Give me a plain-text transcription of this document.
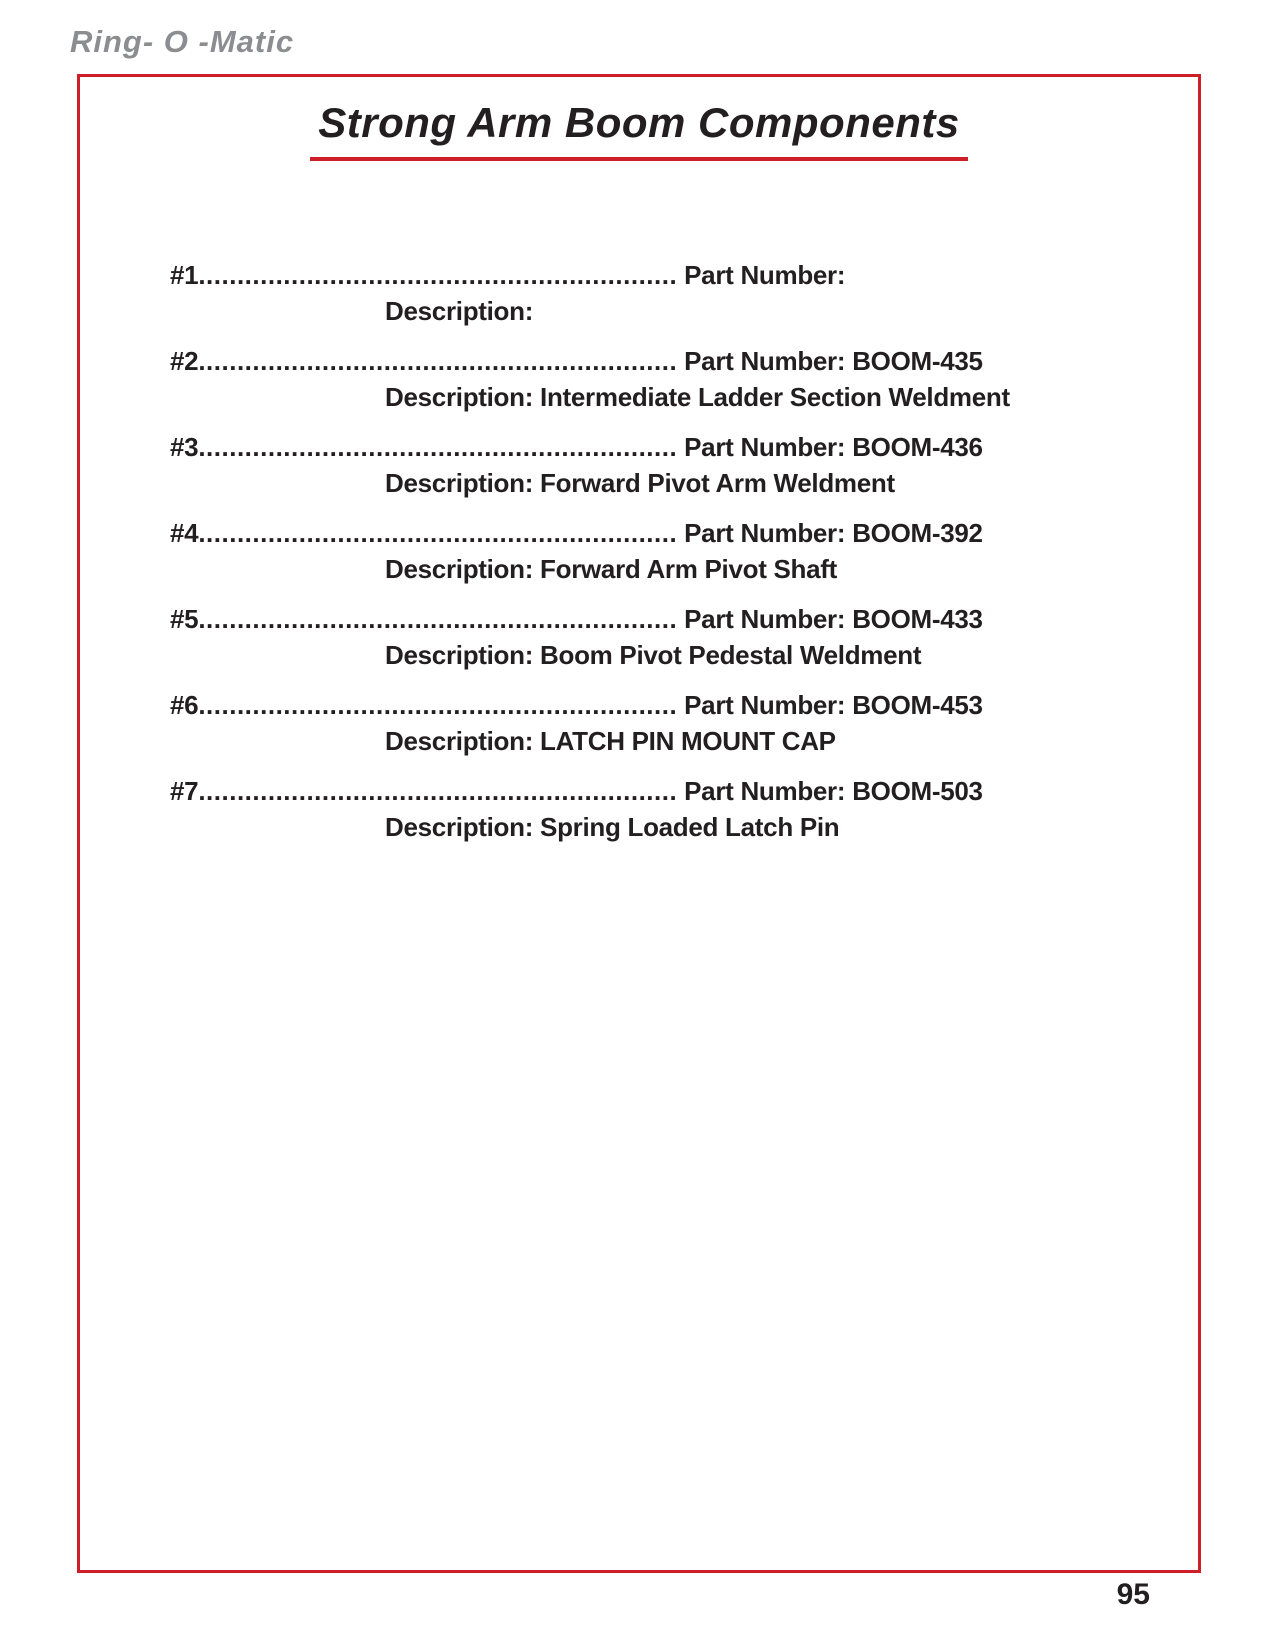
Ring- O -Matic
Strong Arm Boom Components
#1.............................................................. Part Number:
Description:
#2.............................................................. Part Number: BOOM-435
Description: Intermediate Ladder Section Weldment
#3.............................................................. Part Number: BOOM-436
Description: Forward Pivot Arm Weldment
#4.............................................................. Part Number: BOOM-392
Description: Forward Arm Pivot Shaft
#5.............................................................. Part Number: BOOM-433
Description: Boom Pivot Pedestal Weldment
#6.............................................................. Part Number: BOOM-453
Description: LATCH PIN MOUNT CAP
#7.............................................................. Part Number: BOOM-503
Description: Spring Loaded Latch Pin
95
